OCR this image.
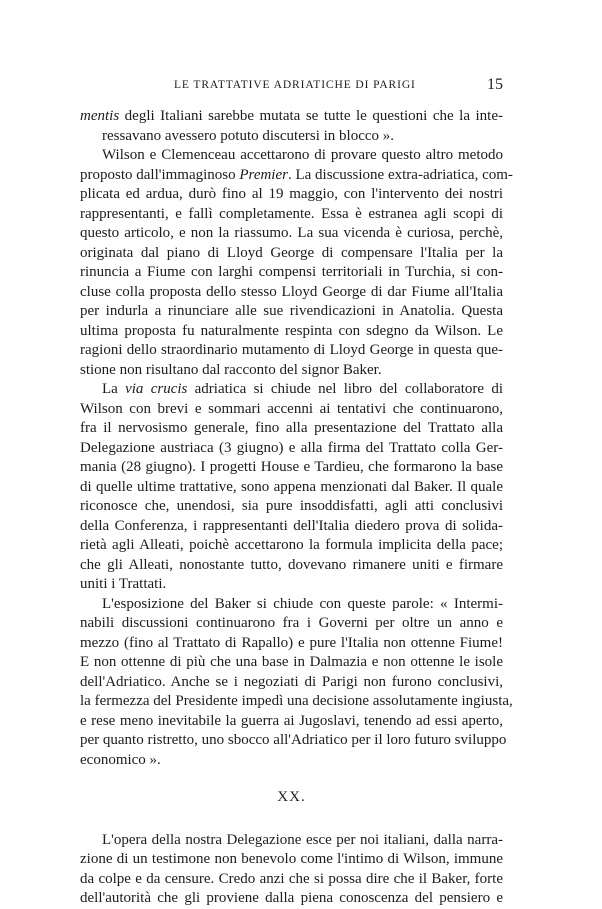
LE TRATTATIVE ADRIATICHE DI PARIGI	15
mentis degli Italiani sarebbe mutata se tutte le questioni che la inte-
ressavano avessero potuto discutersi in blocco ».
Wilson e Clemenceau accettarono di provare questo altro metodo
proposto dall'immaginoso Premier. La discussione extra-adriatica, com-
plicata ed ardua, durò fino al 19 maggio, con l'intervento dei nostri
rappresentanti, e fallì completamente. Essa è estranea agli scopi di
questo articolo, e non la riassumo. La sua vicenda è curiosa, perchè,
originata dal piano di Lloyd George di compensare l'Italia per la
rinuncia a Fiume con larghi compensi territoriali in Turchia, si con-
cluse colla proposta dello stesso Lloyd George di dar Fiume all'Italia
per indurla a rinunciare alle sue rivendicazioni in Anatolia. Questa
ultima proposta fu naturalmente respinta con sdegno da Wilson. Le
ragioni dello straordinario mutamento di Lloyd George in questa que-
stione non risultano dal racconto del signor Baker.
La via crucis adriatica si chiude nel libro del collaboratore di
Wilson con brevi e sommari accenni ai tentativi che continuarono,
fra il nervosismo generale, fino alla presentazione del Trattato alla
Delegazione austriaca (3 giugno) e alla firma del Trattato colla Ger-
mania (28 giugno). I progetti House e Tardieu, che formarono la base
di quelle ultime trattative, sono appena menzionati dal Baker. Il quale
riconosce che, unendosi, sia pure insoddisfatti, agli atti conclusivi
della Conferenza, i rappresentanti dell'Italia diedero prova di solida-
rietà agli Alleati, poichè accettarono la formula implicita della pace;
che gli Alleati, nonostante tutto, dovevano rimanere uniti e firmare
uniti i Trattati.
L'esposizione del Baker si chiude con queste parole: « Intermi-
nabili discussioni continuarono fra i Governi per oltre un anno e
mezzo (fino al Trattato di Rapallo) e pure l'Italia non ottenne Fiume!
E non ottenne di più che una base in Dalmazia e non ottenne le isole
dell'Adriatico. Anche se i negoziati di Parigi non furono conclusivi,
la fermezza del Presidente impedì una decisione assolutamente ingiusta,
e rese meno inevitabile la guerra ai Jugoslavi, tenendo ad essi aperto,
per quanto ristretto, uno sbocco all'Adriatico per il loro futuro sviluppo
economico ».
XX.
L'opera della nostra Delegazione esce per noi italiani, dalla narra-
zione di un testimone non benevolo come l'intimo di Wilson, immune
da colpe e da censure. Credo anzi che si possa dire che il Baker, forte
dell'autorità che gli proviene dalla piena conoscenza del pensiero e
